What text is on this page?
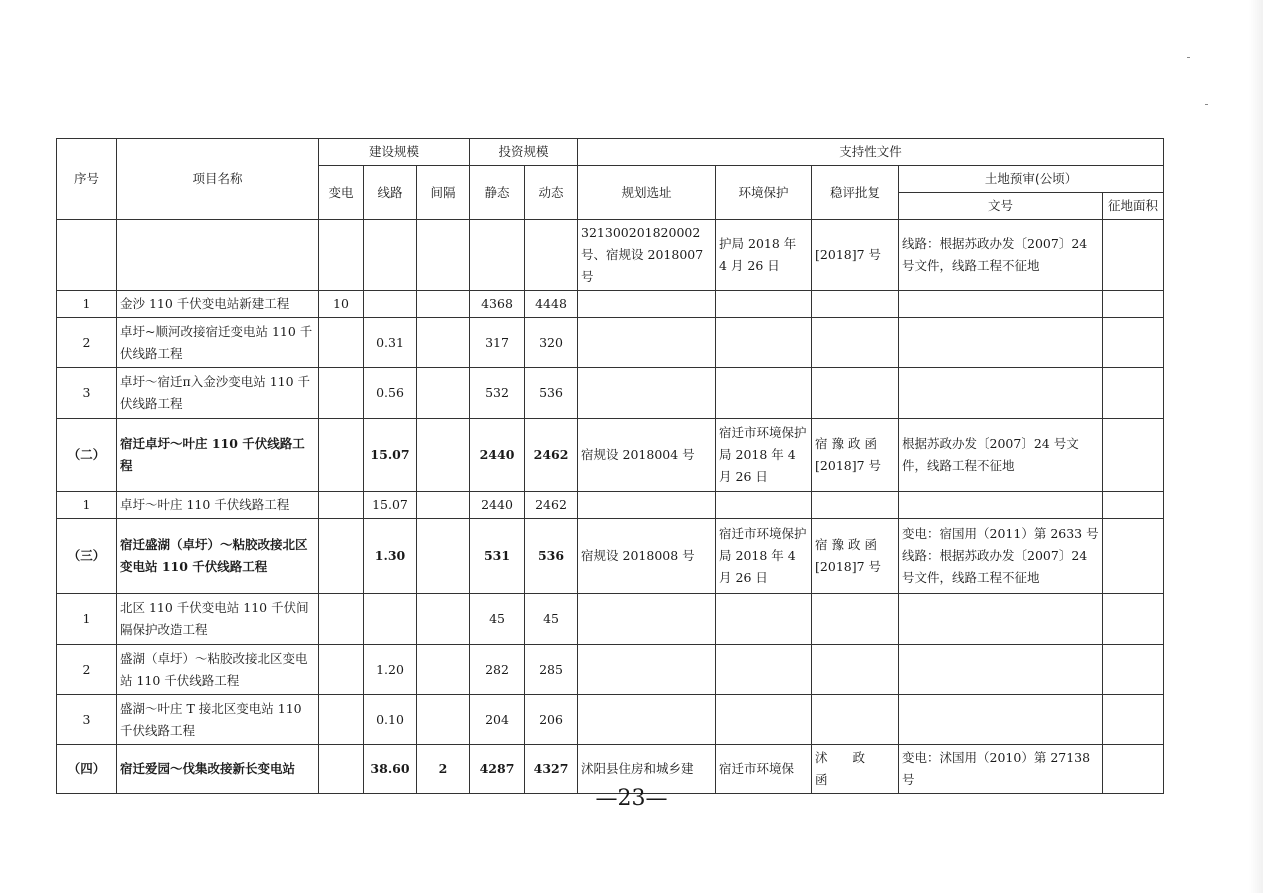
序号	项目名称	建设规模			投资规模		支持性文件				
		变电	线路	间隔	静态	动态	规划选址	环境保护	稳评批复	土地预审(公顷）	
										文号	征地面积
							321300201820002 号、宿规设 2018007 号	护局 2018 年 4 月 26 日	[2018]7 号	线路：根据苏政办发〔2007〕24 号文件，线路工程不征地	
1	金沙 110 千伏变电站新建工程	10			4368	4448					
2	卓圩~顺河改接宿迁变电站 110 千伏线路工程		0.31		317	320					
3	卓圩～宿迁π入金沙变电站 110 千伏线路工程		0.56		532	536					
（二）	宿迁卓圩～叶庄 110 千伏线路工程		15.07		2440	2462	宿规设 2018004 号	宿迁市环境保护局 2018 年 4 月 26 日	宿 豫 政 函 [2018]7 号	根据苏政办发〔2007〕24 号文件，线路工程不征地	
1	卓圩～叶庄 110 千伏线路工程		15.07		2440	2462					
（三）	宿迁盛湖（卓圩）～粘胶改接北区变电站 110 千伏线路工程		1.30		531	536	宿规设 2018008 号	宿迁市环境保护局 2018 年 4 月 26 日	宿 豫 政 函 [2018]7 号	变电：宿国用（2011）第 2633 号 线路：根据苏政办发〔2007〕24 号文件，线路工程不征地	
1	北区 110 千伏变电站 110 千伏间隔保护改造工程				45	45					
2	盛湖（卓圩）～粘胶改接北区变电站 110 千伏线路工程		1.20		282	285					
3	盛湖～叶庄 T 接北区变电站 110 千伏线路工程		0.10		204	206					
（四）	宿迁爱园～伐集改接新长变电站		38.60	2	4287	4327	沭阳县住房和城乡建	宿迁市环境保	沭　　政　　函	变电：沭国用（2010）第 27138 号	
—23—
